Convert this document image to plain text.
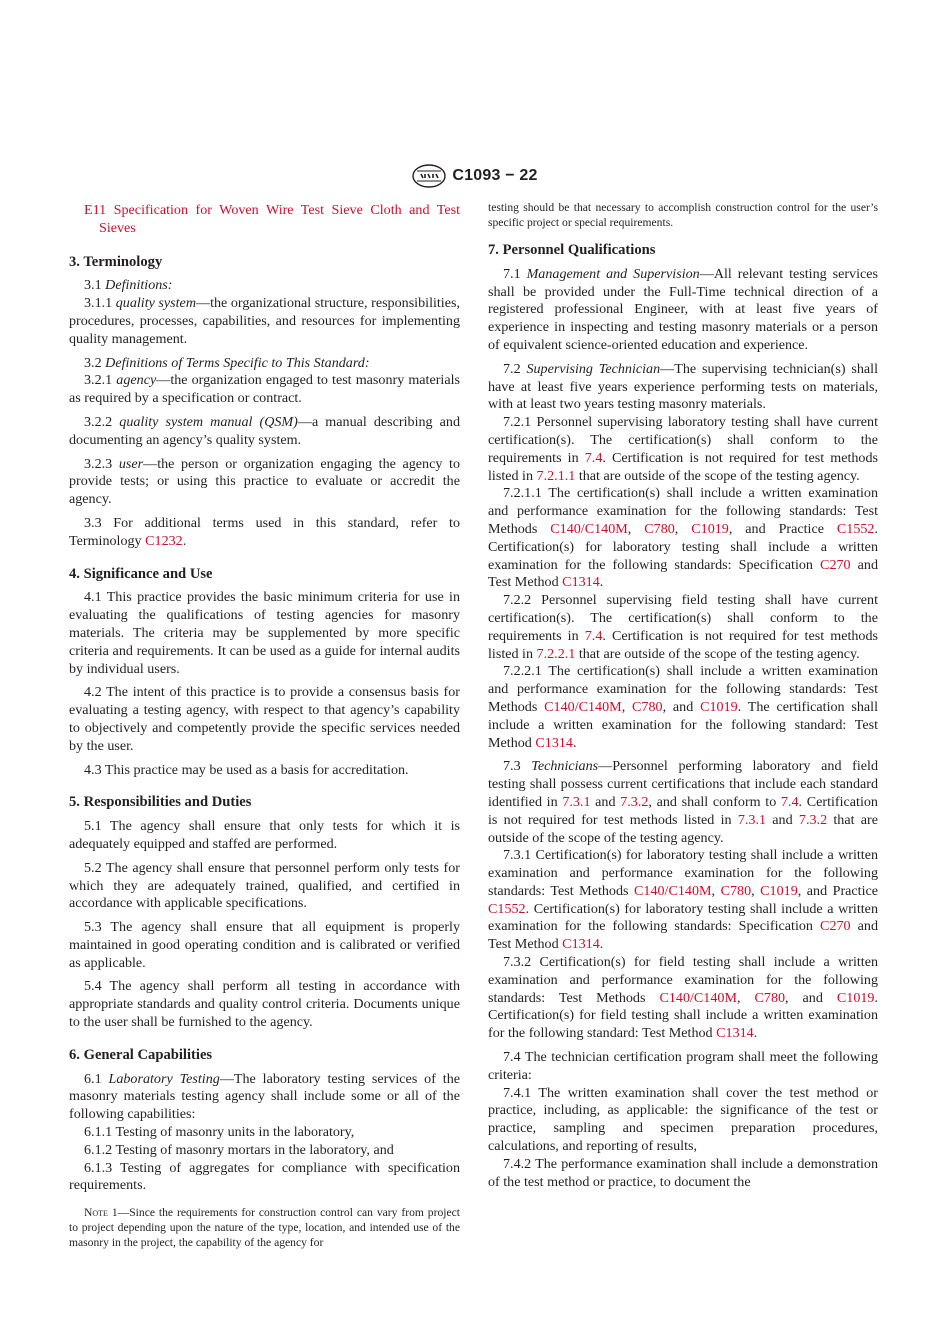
C1093 − 22

E11 Specification for Woven Wire Test Sieve Cloth and Test Sieves

3. Terminology

3.1 Definitions:

3.1.1 quality system—the organizational structure, responsibilities, procedures, processes, capabilities, and resources for implementing quality management.

3.2 Definitions of Terms Specific to This Standard:

3.2.1 agency—the organization engaged to test masonry materials as required by a specification or contract.

3.2.2 quality system manual (QSM)—a manual describing and documenting an agency’s quality system.

3.2.3 user—the person or organization engaging the agency to provide tests; or using this practice to evaluate or accredit the agency.

3.3 For additional terms used in this standard, refer to Terminology C1232.

4. Significance and Use

4.1 This practice provides the basic minimum criteria for use in evaluating the qualifications of testing agencies for masonry materials. The criteria may be supplemented by more specific criteria and requirements. It can be used as a guide for internal audits by individual users.

4.2 The intent of this practice is to provide a consensus basis for evaluating a testing agency, with respect to that agency’s capability to objectively and competently provide the specific services needed by the user.

4.3 This practice may be used as a basis for accreditation.

5. Responsibilities and Duties

5.1 The agency shall ensure that only tests for which it is adequately equipped and staffed are performed.

5.2 The agency shall ensure that personnel perform only tests for which they are adequately trained, qualified, and certified in accordance with applicable specifications.

5.3 The agency shall ensure that all equipment is properly maintained in good operating condition and is calibrated or verified as applicable.

5.4 The agency shall perform all testing in accordance with appropriate standards and quality control criteria. Documents unique to the user shall be furnished to the agency.

6. General Capabilities

6.1 Laboratory Testing—The laboratory testing services of the masonry materials testing agency shall include some or all of the following capabilities:

6.1.1 Testing of masonry units in the laboratory,

6.1.2 Testing of masonry mortars in the laboratory, and

6.1.3 Testing of aggregates for compliance with specification requirements.

Note 1—Since the requirements for construction control can vary from project to project depending upon the nature of the type, location, and intended use of the masonry in the project, the capability of the agency for

testing should be that necessary to accomplish construction control for the user’s specific project or special requirements.

7. Personnel Qualifications

7.1 Management and Supervision—All relevant testing services shall be provided under the Full-Time technical direction of a registered professional Engineer, with at least five years of experience in inspecting and testing masonry materials or a person of equivalent science-oriented education and experience.

7.2 Supervising Technician—The supervising technician(s) shall have at least five years experience performing tests on materials, with at least two years testing masonry materials.

7.2.1 Personnel supervising laboratory testing shall have current certification(s). The certification(s) shall conform to the requirements in 7.4. Certification is not required for test methods listed in 7.2.1.1 that are outside of the scope of the testing agency.

7.2.1.1 The certification(s) shall include a written examination and performance examination for the following standards: Test Methods C140/C140M, C780, C1019, and Practice C1552. Certification(s) for laboratory testing shall include a written examination for the following standards: Specification C270 and Test Method C1314.

7.2.2 Personnel supervising field testing shall have current certification(s). The certification(s) shall conform to the requirements in 7.4. Certification is not required for test methods listed in 7.2.2.1 that are outside of the scope of the testing agency.

7.2.2.1 The certification(s) shall include a written examination and performance examination for the following standards: Test Methods C140/C140M, C780, and C1019. The certification shall include a written examination for the following standard: Test Method C1314.

7.3 Technicians—Personnel performing laboratory and field testing shall possess current certifications that include each standard identified in 7.3.1 and 7.3.2, and shall conform to 7.4. Certification is not required for test methods listed in 7.3.1 and 7.3.2 that are outside of the scope of the testing agency.

7.3.1 Certification(s) for laboratory testing shall include a written examination and performance examination for the following standards: Test Methods C140/C140M, C780, C1019, and Practice C1552. Certification(s) for laboratory testing shall include a written examination for the following standards: Specification C270 and Test Method C1314.

7.3.2 Certification(s) for field testing shall include a written examination and performance examination for the following standards: Test Methods C140/C140M, C780, and C1019. Certification(s) for field testing shall include a written examination for the following standard: Test Method C1314.

7.4 The technician certification program shall meet the following criteria:

7.4.1 The written examination shall cover the test method or practice, including, as applicable: the significance of the test or practice, sampling and specimen preparation procedures, calculations, and reporting of results,

7.4.2 The performance examination shall include a demonstration of the test method or practice, to document the
